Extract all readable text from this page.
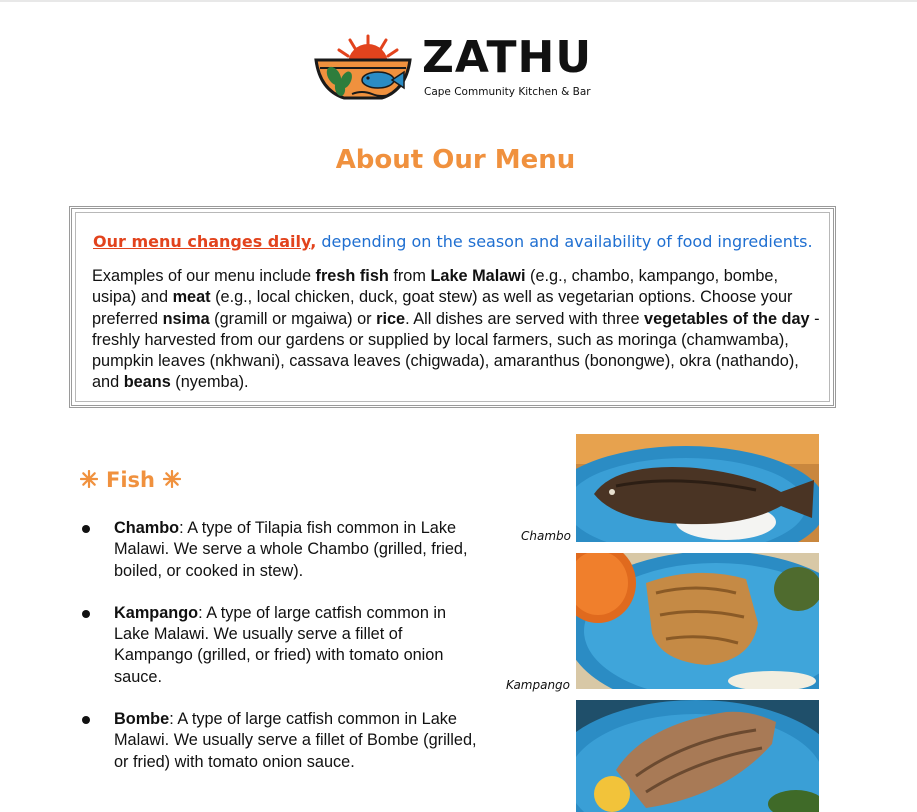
ZATHU
Cape Community Kitchen & Bar
About Our Menu
Our menu changes daily, depending on the season and availability of food ingredients.
Examples of our menu include fresh fish from Lake Malawi (e.g., chambo, kampango, bombe, usipa) and meat (e.g., local chicken, duck, goat stew) as well as vegetarian options. Choose your preferred nsima (gramill or mgaiwa) or rice. All dishes are served with three vegetables of the day - freshly harvested from our gardens or supplied by local farmers, such as moringa (chamwamba), pumpkin leaves (nkhwani), cassava leaves (chigwada), amaranthus (bonongwe), okra (nathando), and beans (nyemba).
Fish
Chambo: A type of Tilapia fish common in Lake Malawi. We serve a whole Chambo (grilled, fried, boiled, or cooked in stew).
Kampango: A type of large catfish common in Lake Malawi. We usually serve a fillet of Kampango (grilled, or fried) with tomato onion sauce.
Bombe: A type of large catfish common in Lake Malawi. We usually serve a fillet of Bombe (grilled, or fried) with tomato onion sauce.
Chambo
Kampango
